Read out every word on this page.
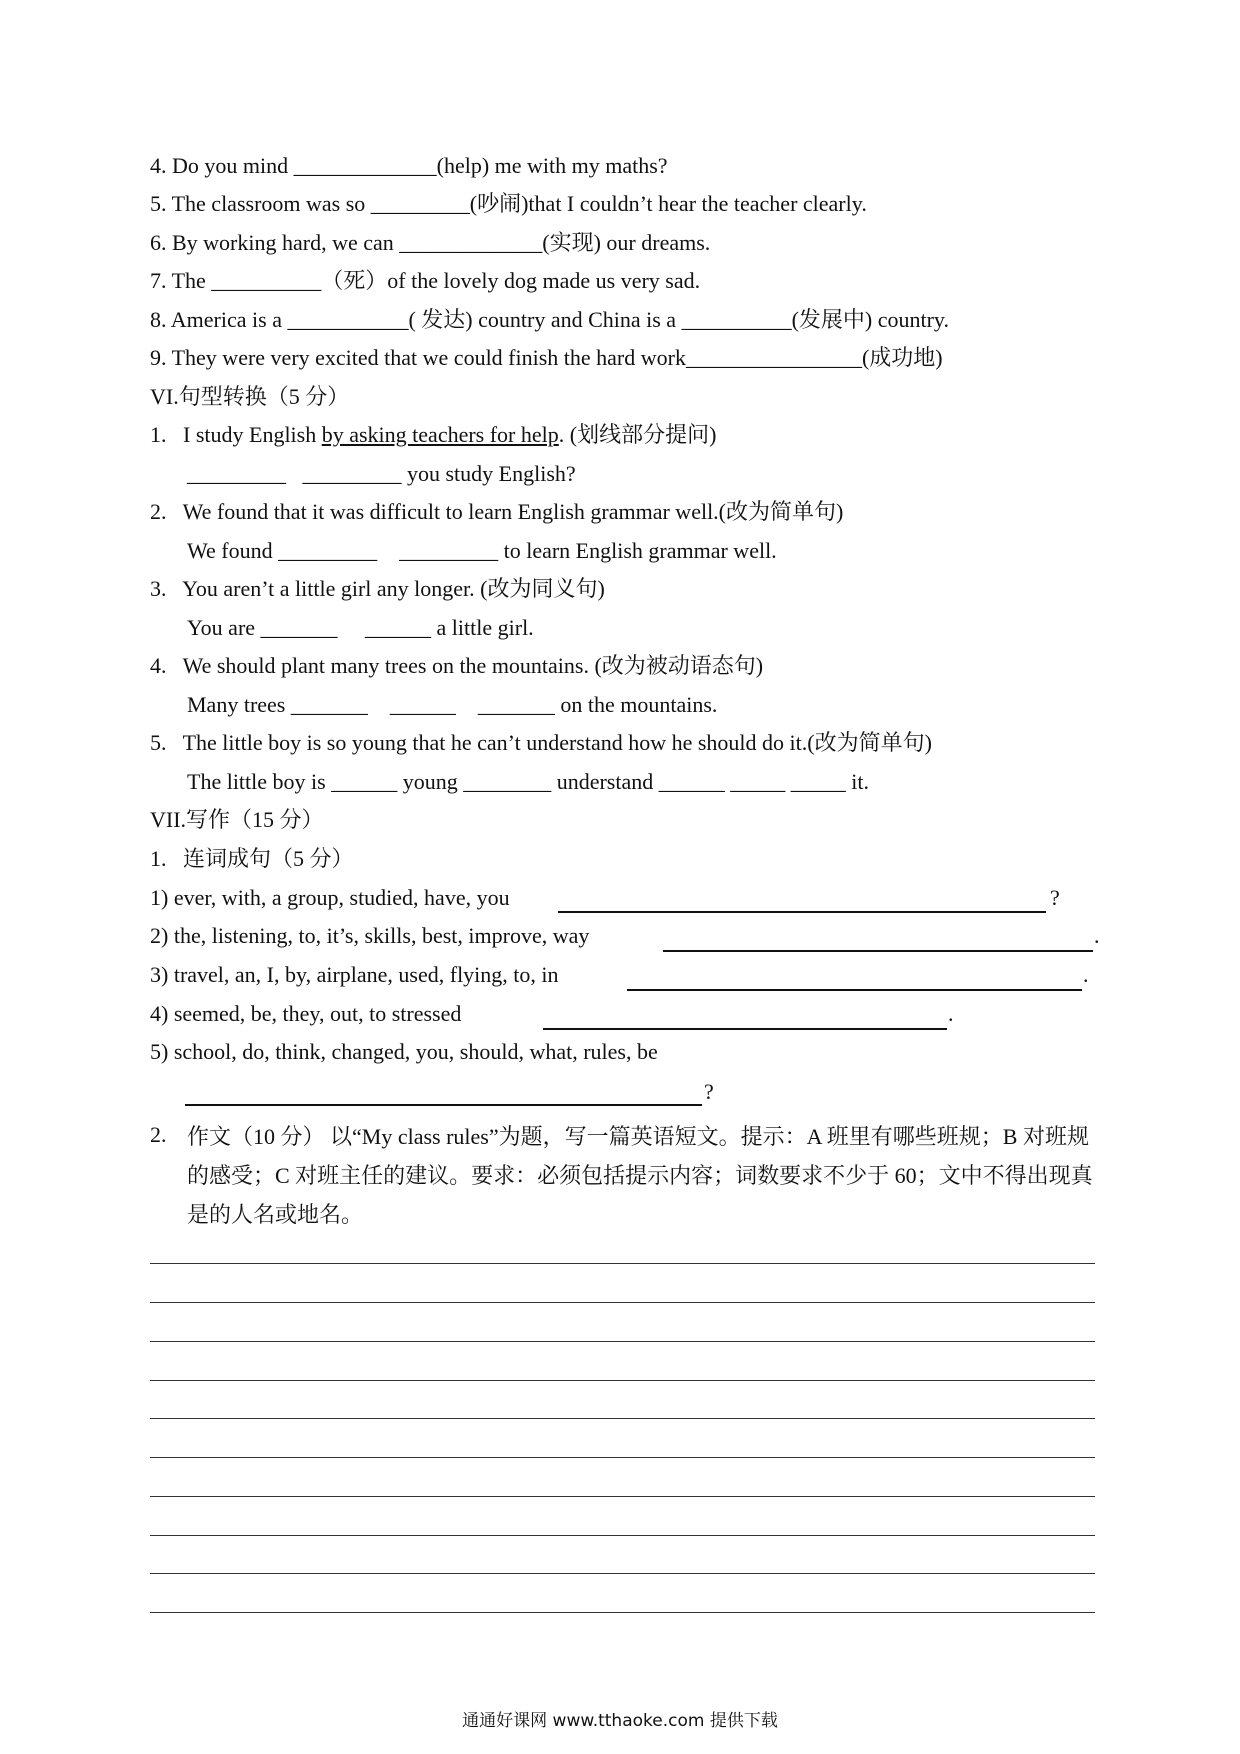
4. Do you mind _____________(help) me with my maths?
5. The classroom was so _________(吵闹)that I couldn’t hear the teacher clearly.
6. By working hard, we can _____________(实现) our dreams.
7. The __________（死）of the lovely dog made us very sad.
8. America is a ___________( 发达) country and China is a __________(发展中) country.
9. They were very excited that we could finish the hard work________________(成功地)
VI.句型转换（5 分）
1.   I study English by asking teachers for help. (划线部分提问)
_________   _________ you study English?
2.   We found that it was difficult to learn English grammar well.(改为简单句)
We found _________    _________ to learn English grammar well.
3.   You aren’t a little girl any longer. (改为同义句)
You are _______     ______ a little girl.
4.   We should plant many trees on the mountains. (改为被动语态句)
Many trees _______    ______    _______ on the mountains.
5.   The little boy is so young that he can’t understand how he should do it.(改为简单句)
The little boy is ______ young ________ understand ______ _____ _____ it.
VII.写作（15 分）
1.   连词成句（5 分）
1) ever, with, a group, studied, have, you	?
2) the, listening, to, it’s, skills, best, improve, way	.
3) travel, an, I, by, airplane, used, flying, to, in	.
4) seemed, be, they, out, to stressed	.
5) school, do, think, changed, you, should, what, rules, be
?
2. 作文（10 分） 以“My class rules”为题，写一篇英语短文。提示：A 班里有哪些班规；B 对班规的感受；C 对班主任的建议。要求：必须包括提示内容；词数要求不少于 60；文中不得出现真是的人名或地名。
通通好课网 www.tthaoke.com 提供下载
